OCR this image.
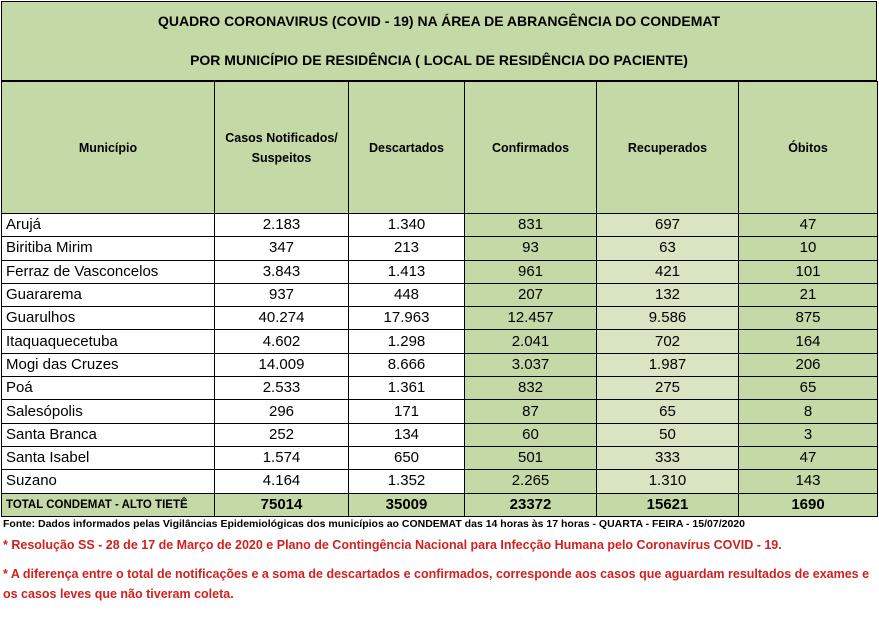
QUADRO CORONAVIRUS (COVID - 19) NA ÁREA DE ABRANGÊNCIA DO CONDEMAT
POR MUNICÍPIO DE RESIDÊNCIA ( LOCAL DE RESIDÊNCIA DO PACIENTE)
Município	Casos Notificados/ Suspeitos	Descartados	Confirmados	Recuperados	Óbitos
Arujá	2.183	1.340	831	697	47
Biritiba Mirim	347	213	93	63	10
Ferraz de Vasconcelos	3.843	1.413	961	421	101
Guararema	937	448	207	132	21
Guarulhos	40.274	17.963	12.457	9.586	875
Itaquaquecetuba	4.602	1.298	2.041	702	164
Mogi das Cruzes	14.009	8.666	3.037	1.987	206
Poá	2.533	1.361	832	275	65
Salesópolis	296	171	87	65	8
Santa Branca	252	134	60	50	3
Santa Isabel	1.574	650	501	333	47
Suzano	4.164	1.352	2.265	1.310	143
TOTAL CONDEMAT - ALTO TIETÊ	75014	35009	23372	15621	1690
Fonte: Dados informados pelas Vigilâncias Epidemiológicas dos municípios ao CONDEMAT das 14 horas às 17 horas - QUARTA - FEIRA - 15/07/2020
* Resolução SS - 28 de 17 de Março de 2020 e Plano de Contingência Nacional para Infecção Humana pelo Coronavírus COVID - 19.
* A diferença entre o total de notificações e a soma de descartados e confirmados, corresponde aos casos que aguardam resultados de exames e os casos leves que não tiveram coleta.
